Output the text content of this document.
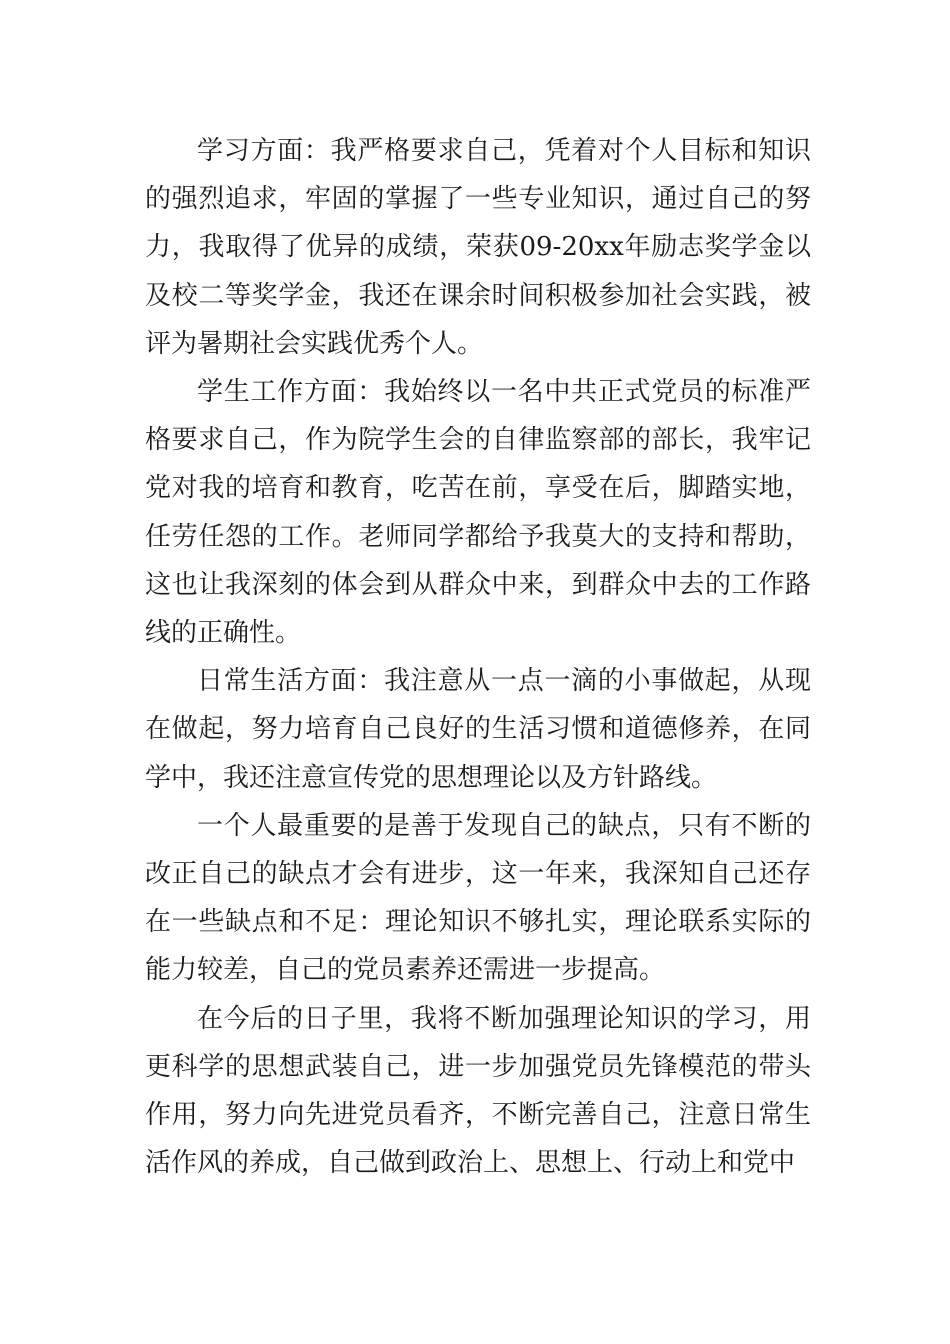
学习方面：我严格要求自己，凭着对个人目标和知识的强烈追求，牢固的掌握了一些专业知识，通过自己的努力，我取得了优异的成绩，荣获09-20xx年励志奖学金以及校二等奖学金，我还在课余时间积极参加社会实践，被评为暑期社会实践优秀个人。

学生工作方面：我始终以一名中共正式党员的标准严格要求自己，作为院学生会的自律监察部的部长，我牢记党对我的培育和教育，吃苦在前，享受在后，脚踏实地，任劳任怨的工作。老师同学都给予我莫大的支持和帮助，这也让我深刻的体会到从群众中来，到群众中去的工作路线的正确性。

日常生活方面：我注意从一点一滴的小事做起，从现在做起，努力培育自己良好的生活习惯和道德修养，在同学中，我还注意宣传党的思想理论以及方针路线。

一个人最重要的是善于发现自己的缺点，只有不断的改正自己的缺点才会有进步，这一年来，我深知自己还存在一些缺点和不足：理论知识不够扎实，理论联系实际的能力较差，自己的党员素养还需进一步提高。

在今后的日子里，我将不断加强理论知识的学习，用更科学的思想武装自己，进一步加强党员先锋模范的带头作用，努力向先进党员看齐，不断完善自己，注意日常生活作风的养成，自己做到政治上、思想上、行动上和党中
